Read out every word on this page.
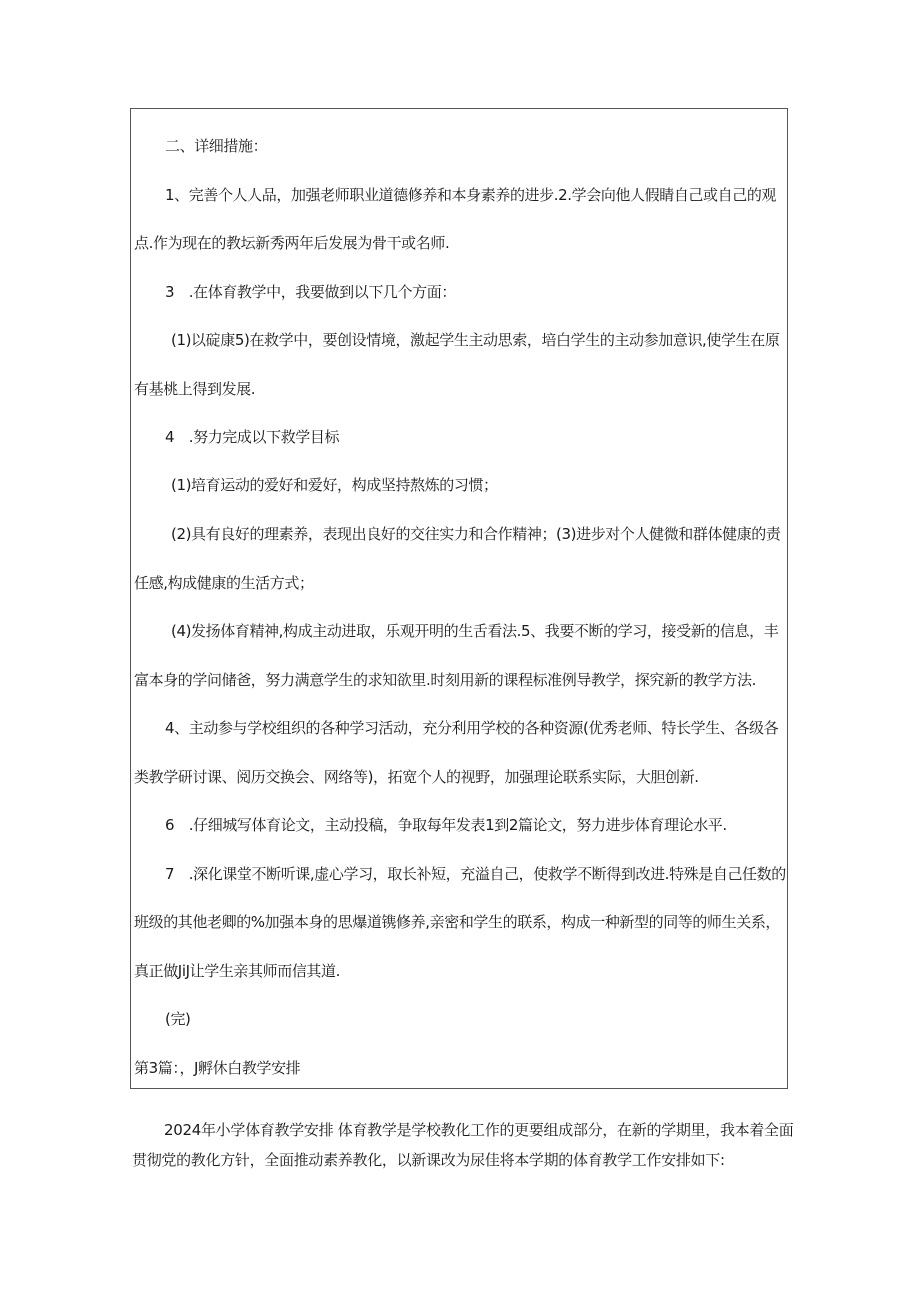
二、详细措施：
1、完善个人人品，加强老师职业道德修养和本身素养的进步.2.学会向他人假睛自己或自己的观
点.作为现在的教坛新秀两年后发展为骨干或名师.
3　.在体育教学中，我要做到以下几个方面：
(1)以碇康5)在救学中，要创设情境，激起学生主动思索，培白学生的主动参加意识,使学生在原
有基桃上得到发展.
4　.努力完成以下救学目标
(1)培育运动的爱好和爱好，构成坚持熬炼的习惯；
(2)具有良好的理素养，表现出良好的交往实力和合作精神；(3)进步对个人健微和群体健康的责
任感,构成健康的生活方式；
(4)发扬体育精神,构成主动进取，乐观开明的生舌看法.5、我要不断的学习，接受新的信息，丰
富本身的学问储爸，努力满意学生的求知欲里.时刻用新的课程标准例导教学，探究新的教学方法.
4、主动参与学校组织的各种学习活动，充分利用学校的各种资源(优秀老师、特长学生、各级各
类教学研讨课、阅历交换会、网络等)，拓宽个人的视野，加强理论联系实际，大胆创新.
6　.仔细城写体育论文，主动投稿，争取每年发表1到2篇论文，努力进步体育理论水平.
7　.深化课堂不断听课,虚心学习，取长补短，充溢自己，使救学不断得到改进.特殊是自己任数的
班级的其他老卿的%加强本身的思爆道镌修养,亲密和学生的联系，构成一种新型的同等的师生关系，
真正做JiJ让学生亲其师而信其道.
(完)
第3篇：，J孵休白教学安排
2024年小学体育教学安排 体育教学是学校教化工作的更要组成部分，在新的学期里，我本着全面贯彻党的教化方针，全面推动素养教化，以新课改为尿佳将本学期的体育教学工作安排如下:
